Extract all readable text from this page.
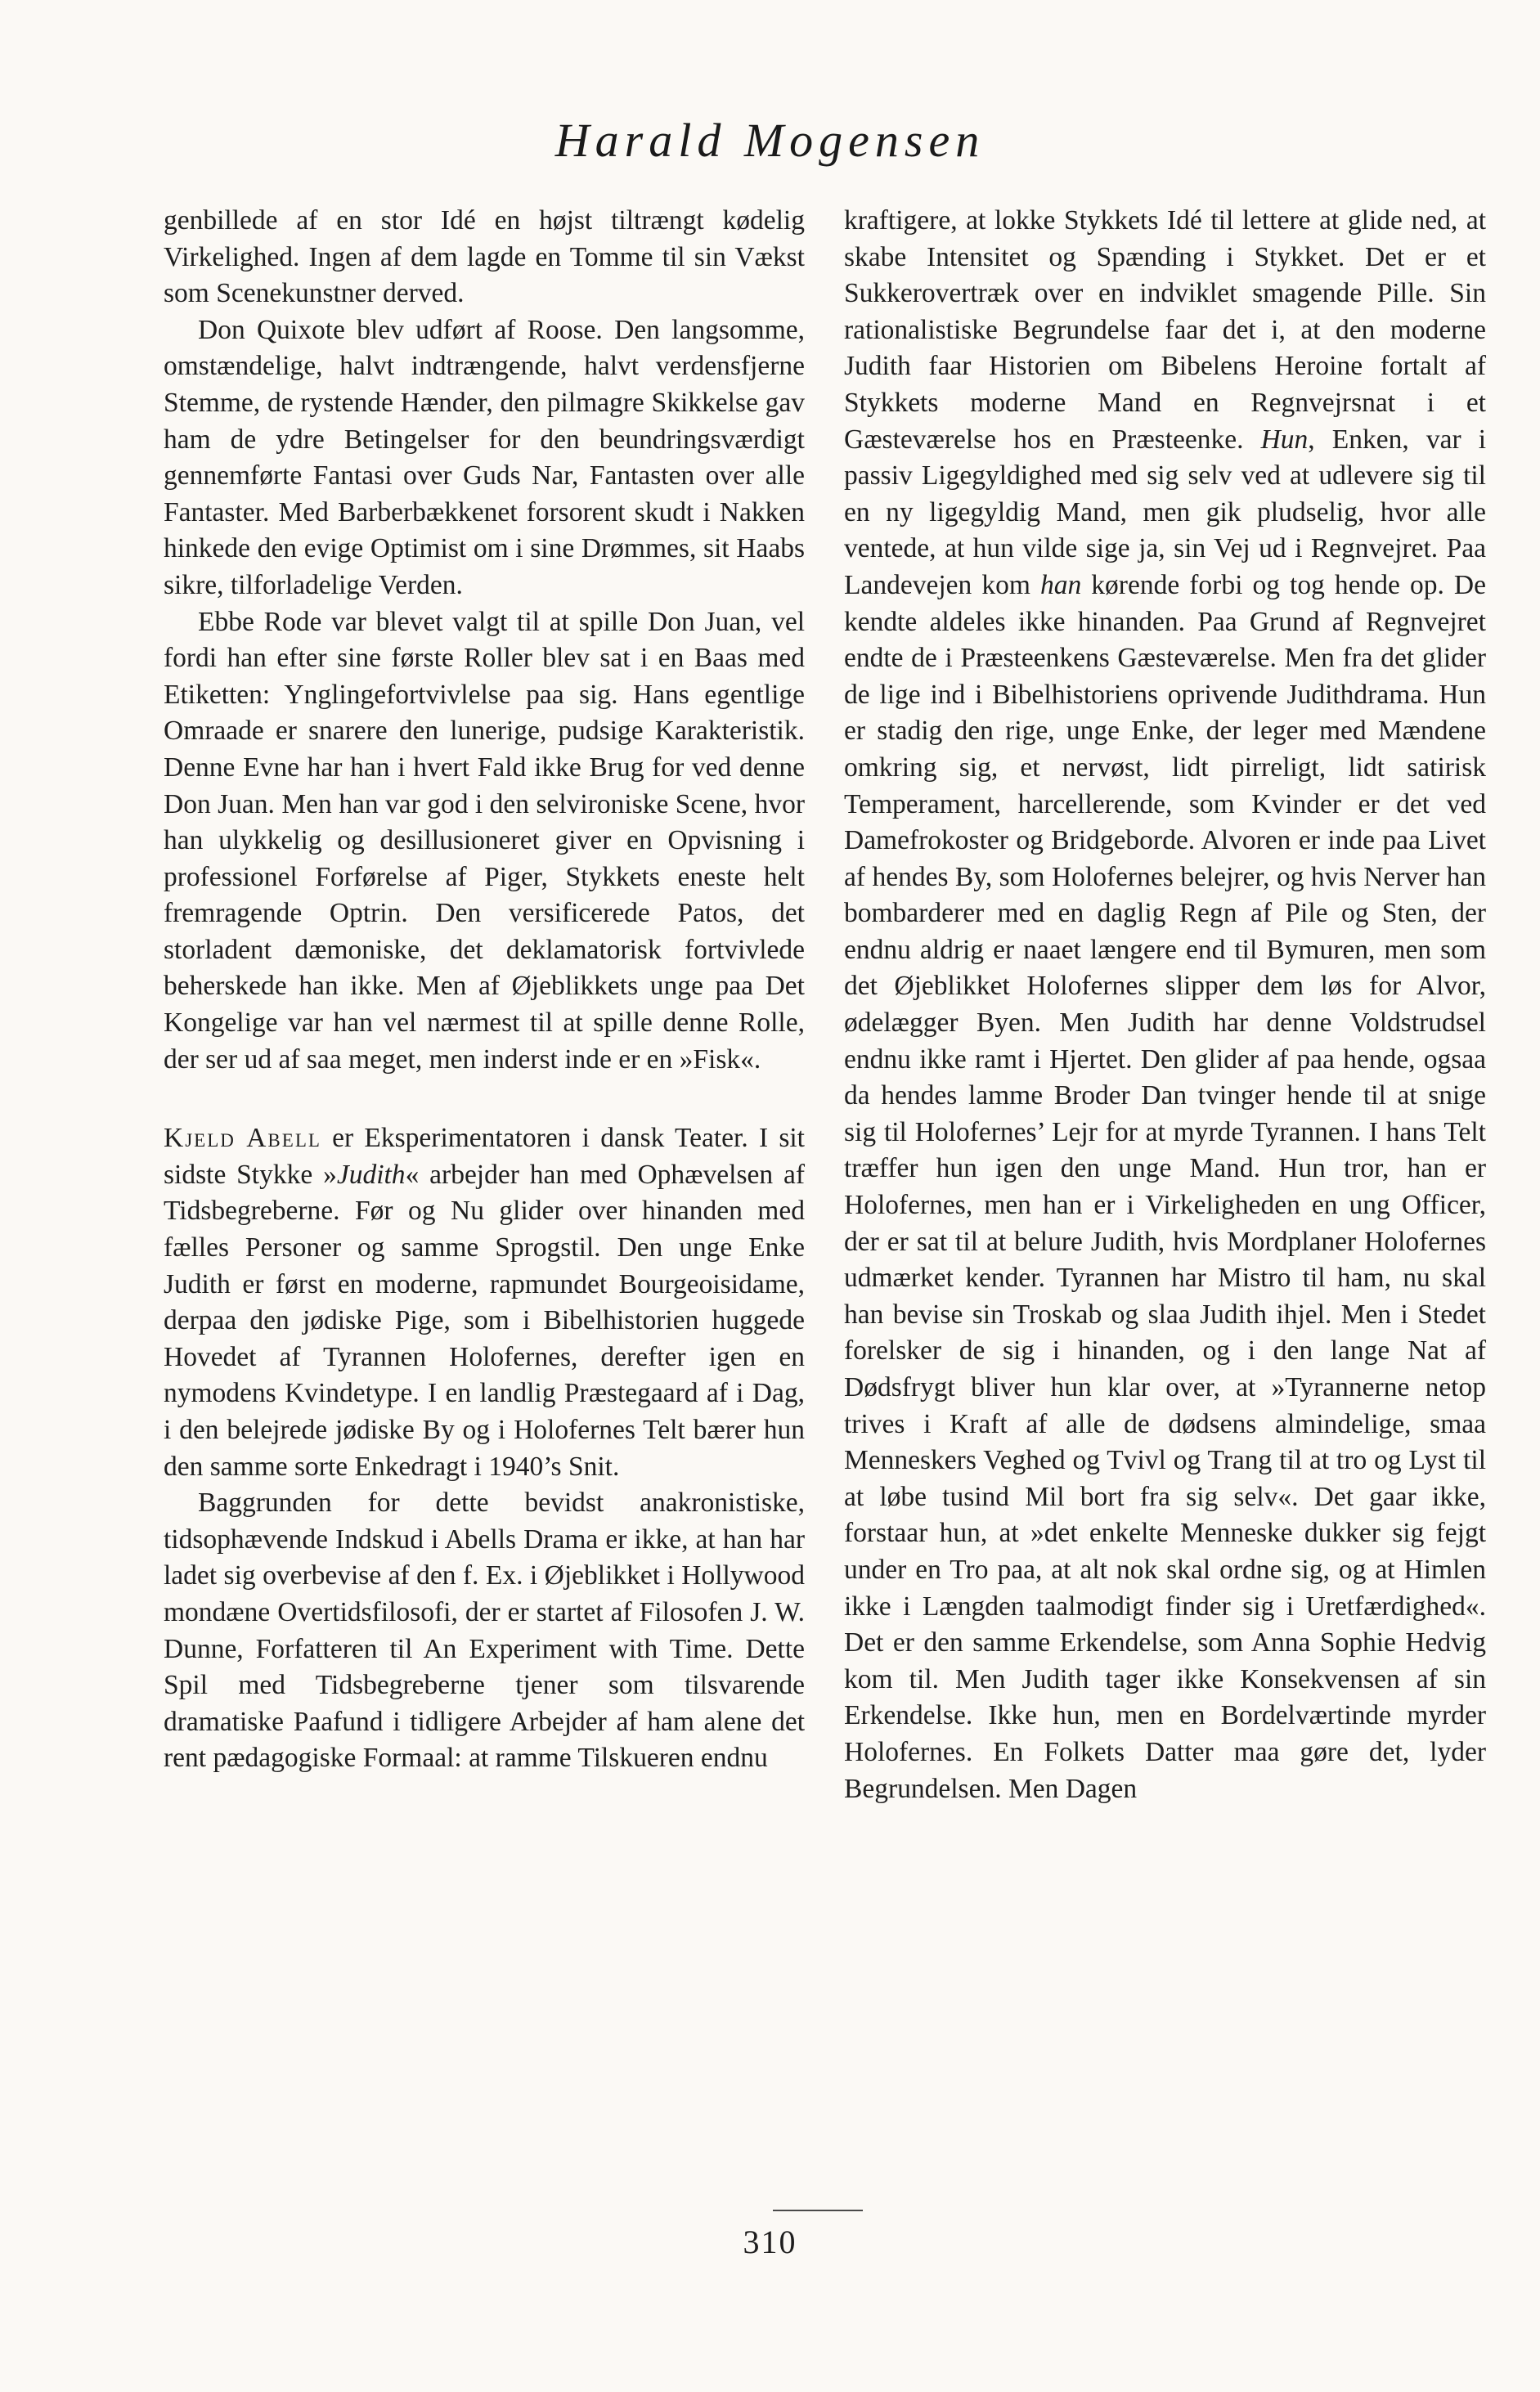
Harald Mogensen

genbillede af en stor Idé en højst tiltrængt kødelig Virkelighed. Ingen af dem lagde en Tomme til sin Vækst som Scenekunstner derved.

Don Quixote blev udført af Roose. Den langsomme, omstændelige, halvt indtrængende, halvt verdensfjerne Stemme, de rystende Hænder, den pilmagre Skikkelse gav ham de ydre Betingelser for den beundringsværdigt gennemførte Fantasi over Guds Nar, Fantasten over alle Fantaster. Med Barberbækkenet forsorent skudt i Nakken hinkede den evige Optimist om i sine Drømmes, sit Haabs sikre, tilforladelige Verden.

Ebbe Rode var blevet valgt til at spille Don Juan, vel fordi han efter sine første Roller blev sat i en Baas med Etiketten: Ynglingefortvivlelse paa sig. Hans egentlige Omraade er snarere den lunerige, pudsige Karakteristik. Denne Evne har han i hvert Fald ikke Brug for ved denne Don Juan. Men han var god i den selvironiske Scene, hvor han ulykkelig og desillusioneret giver en Opvisning i professionel Forførelse af Piger, Stykkets eneste helt fremragende Optrin. Den versificerede Patos, det storladent dæmoniske, det deklamatorisk fortvivlede beherskede han ikke. Men af Øjeblikkets unge paa Det Kongelige var han vel nærmest til at spille denne Rolle, der ser ud af saa meget, men inderst inde er en »Fisk«.

Kjeld Abell er Eksperimentatoren i dansk Teater. I sit sidste Stykke »Judith« arbejder han med Ophævelsen af Tidsbegreberne. Før og Nu glider over hinanden med fælles Personer og samme Sprogstil. Den unge Enke Judith er først en moderne, rapmundet Bourgeoisidame, derpaa den jødiske Pige, som i Bibelhistorien huggede Hovedet af Tyrannen Holofernes, derefter igen en nymodens Kvindetype. I en landlig Præstegaard af i Dag, i den belejrede jødiske By og i Holofernes Telt bærer hun den samme sorte Enkedragt i 1940’s Snit.

Baggrunden for dette bevidst anakronistiske, tidsophævende Indskud i Abells Drama er ikke, at han har ladet sig overbevise af den f. Ex. i Øjeblikket i Hollywood mondæne Overtidsfilosofi, der er startet af Filosofen J. W. Dunne, Forfatteren til An Experiment with Time. Dette Spil med Tidsbegreberne tjener som tilsvarende dramatiske Paafund i tidligere Arbejder af ham alene det rent pædagogiske Formaal: at ramme Tilskueren endnu

kraftigere, at lokke Stykkets Idé til lettere at glide ned, at skabe Intensitet og Spænding i Stykket. Det er et Sukkerovertræk over en indviklet smagende Pille. Sin rationalistiske Begrundelse faar det i, at den moderne Judith faar Historien om Bibelens Heroine fortalt af Stykkets moderne Mand en Regnvejrsnat i et Gæsteværelse hos en Præsteenke. Hun, Enken, var i passiv Ligegyldighed med sig selv ved at udlevere sig til en ny ligegyldig Mand, men gik pludselig, hvor alle ventede, at hun vilde sige ja, sin Vej ud i Regnvejret. Paa Landevejen kom han kørende forbi og tog hende op. De kendte aldeles ikke hinanden. Paa Grund af Regnvejret endte de i Præsteenkens Gæsteværelse. Men fra det glider de lige ind i Bibelhistoriens oprivende Judithdrama. Hun er stadig den rige, unge Enke, der leger med Mændene omkring sig, et nervøst, lidt pirreligt, lidt satirisk Temperament, harcellerende, som Kvinder er det ved Damefrokoster og Bridgeborde. Alvoren er inde paa Livet af hendes By, som Holofernes belejrer, og hvis Nerver han bombarderer med en daglig Regn af Pile og Sten, der endnu aldrig er naaet længere end til Bymuren, men som det Øjeblikket Holofernes slipper dem løs for Alvor, ødelægger Byen. Men Judith har denne Voldstrudsel endnu ikke ramt i Hjertet. Den glider af paa hende, ogsaa da hendes lamme Broder Dan tvinger hende til at snige sig til Holofernes’ Lejr for at myrde Tyrannen. I hans Telt træffer hun igen den unge Mand. Hun tror, han er Holofernes, men han er i Virkeligheden en ung Officer, der er sat til at belure Judith, hvis Mordplaner Holofernes udmærket kender. Tyrannen har Mistro til ham, nu skal han bevise sin Troskab og slaa Judith ihjel. Men i Stedet forelsker de sig i hinanden, og i den lange Nat af Dødsfrygt bliver hun klar over, at »Tyrannerne netop trives i Kraft af alle de dødsens almindelige, smaa Menneskers Veghed og Tvivl og Trang til at tro og Lyst til at løbe tusind Mil bort fra sig selv«. Det gaar ikke, forstaar hun, at »det enkelte Menneske dukker sig fejgt under en Tro paa, at alt nok skal ordne sig, og at Himlen ikke i Længden taalmodigt finder sig i Uretfærdighed«. Det er den samme Erkendelse, som Anna Sophie Hedvig kom til. Men Judith tager ikke Konsekvensen af sin Erkendelse. Ikke hun, men en Bordelværtinde myrder Holofernes. En Folkets Datter maa gøre det, lyder Begrundelsen. Men Dagen

310
